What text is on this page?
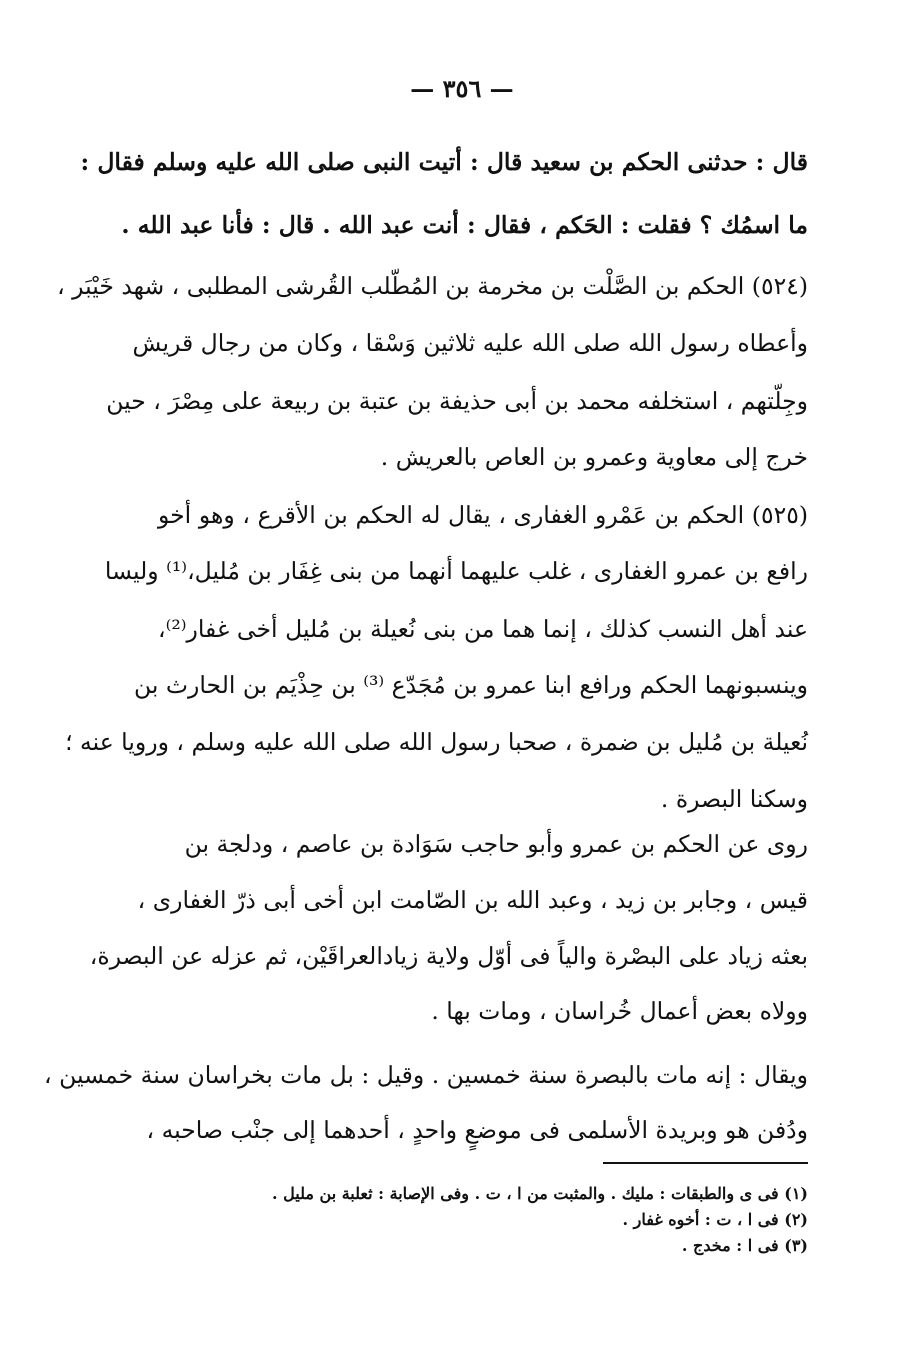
— ٣٥٦ —
قال : حدثنى الحكم بن سعيد قال : أتيت النبى صلى الله عليه وسلم فقال :
ما اسمُك ؟ فقلت : الحَكم ، فقال : أنت عبد الله . قال : فأنا عبد الله .
(٥٢٤) الحكم بن الصَّلْت بن مخرمة بن المُطّلب القُرشى المطلبى ، شهد خَيْبَر ،
وأعطاه رسول الله صلى الله عليه ثلاثين وَسْقا ، وكان من رجال قريش
وجِلّتهم ، استخلفه محمد بن أبى حذيفة بن عتبة بن ربيعة على مِصْرَ ، حين
خرج إلى معاوية وعمرو بن العاص بالعريش .
(٥٢٥) الحكم بن عَمْرو الغفارى ، يقال له الحكم بن الأقرع ، وهو أخو
رافع بن عمرو الغفارى ، غلب عليهما أنهما من بنى غِفَار بن مُليل،⁽¹⁾ وليسا
عند أهل النسب كذلك ، إنما هما من بنى نُعيلة بن مُليل أخى غفار⁽²⁾،
وينسبونهما الحكم ورافع ابنا عمرو بن مُجَدّع ⁽³⁾ بن حِذْيَم بن الحارث بن
نُعيلة بن مُليل بن ضمرة ، صحبا رسول الله صلى الله عليه وسلم ، ورويا عنه ؛
وسكنا البصرة .
روى عن الحكم بن عمرو وأبو حاجب سَوَادة بن عاصم ، ودلجة بن
قيس ، وجابر بن زيد ، وعبد الله بن الصّامت ابن أخى أبى ذرّ الغفارى ،
بعثه زياد على البصْرة والياً فى أوّل ولاية زيادالعراقَيْن، ثم عزله عن البصرة،
وولاه بعض أعمال خُراسان ، ومات بها .
ويقال : إنه مات بالبصرة سنة خمسين . وقيل : بل مات بخراسان سنة خمسين ،
ودُفن هو وبريدة الأسلمى فى موضعٍ واحدٍ ، أحدهما إلى جنْب صاحبه ،
(١) فى ى والطبقات : مليك . والمثبت من ا ، ت . وفى الإصابة : ثعلبة بن مليل .
(٢) فى ا ، ت : أخوه غفار .
(٣) فى ا : مخدج .
